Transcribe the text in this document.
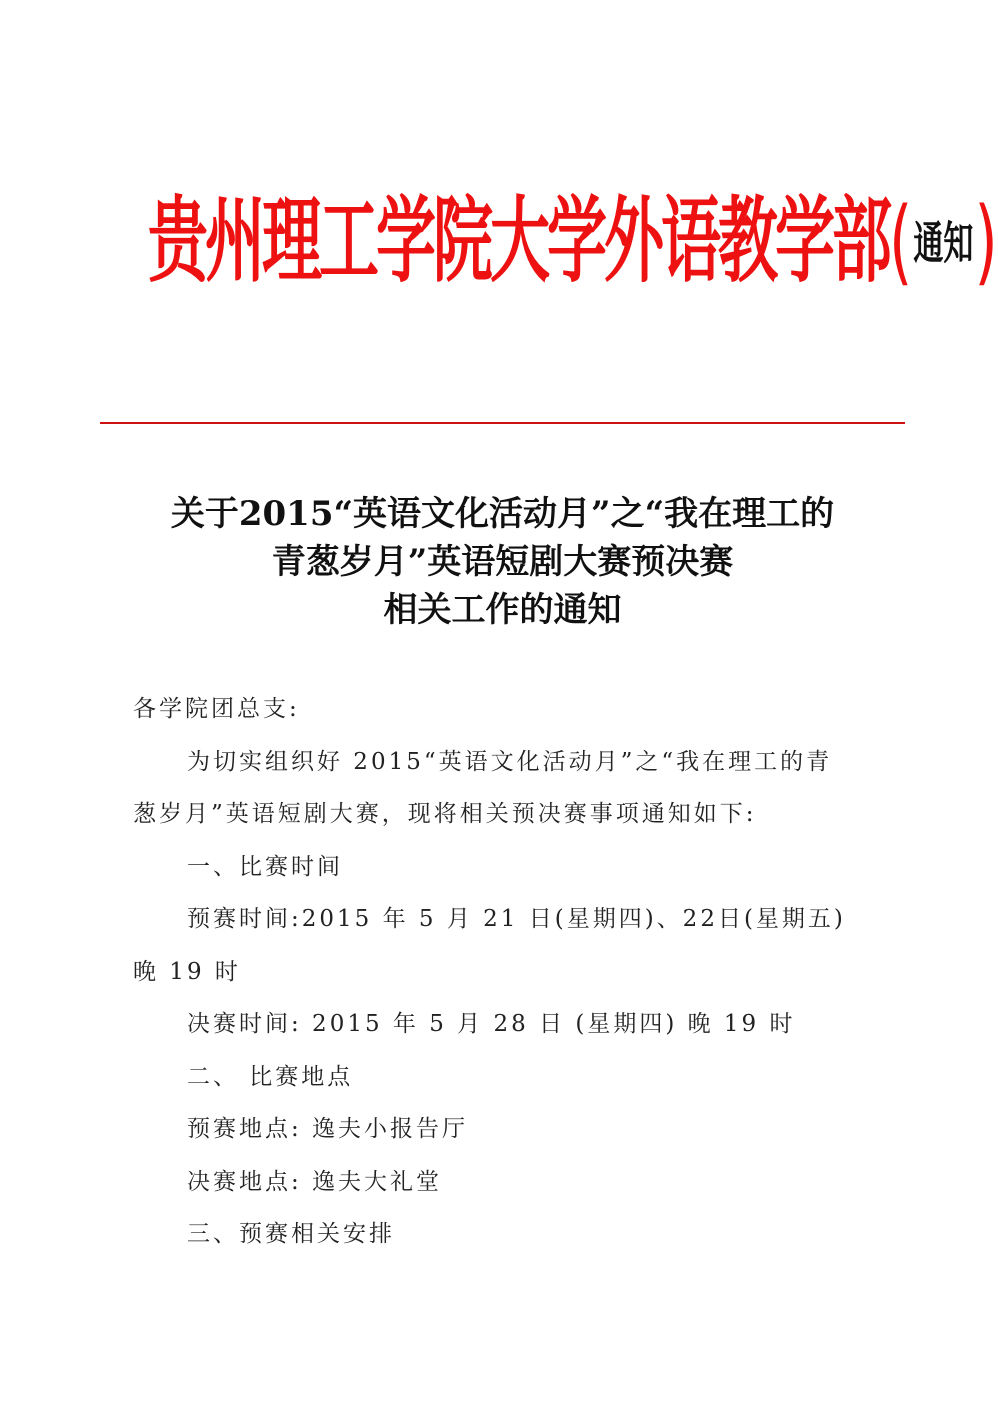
贵州理工学院大学外语教学部 ( 通知 )
关于2015“英语文化活动月”之“我在理工的
青葱岁月”英语短剧大赛预决赛
相关工作的通知
各学院团总支:
为切实组织好 2015“英语文化活动月”之“我在理工的青
葱岁月”英语短剧大赛，现将相关预决赛事项通知如下:
一、比赛时间
预赛时间:2015 年 5 月 21 日(星期四)、22日(星期五)
晚 19 时
决赛时间: 2015 年 5 月 28 日 (星期四) 晚 19 时
二、 比赛地点
预赛地点: 逸夫小报告厅
决赛地点: 逸夫大礼堂
三、预赛相关安排
